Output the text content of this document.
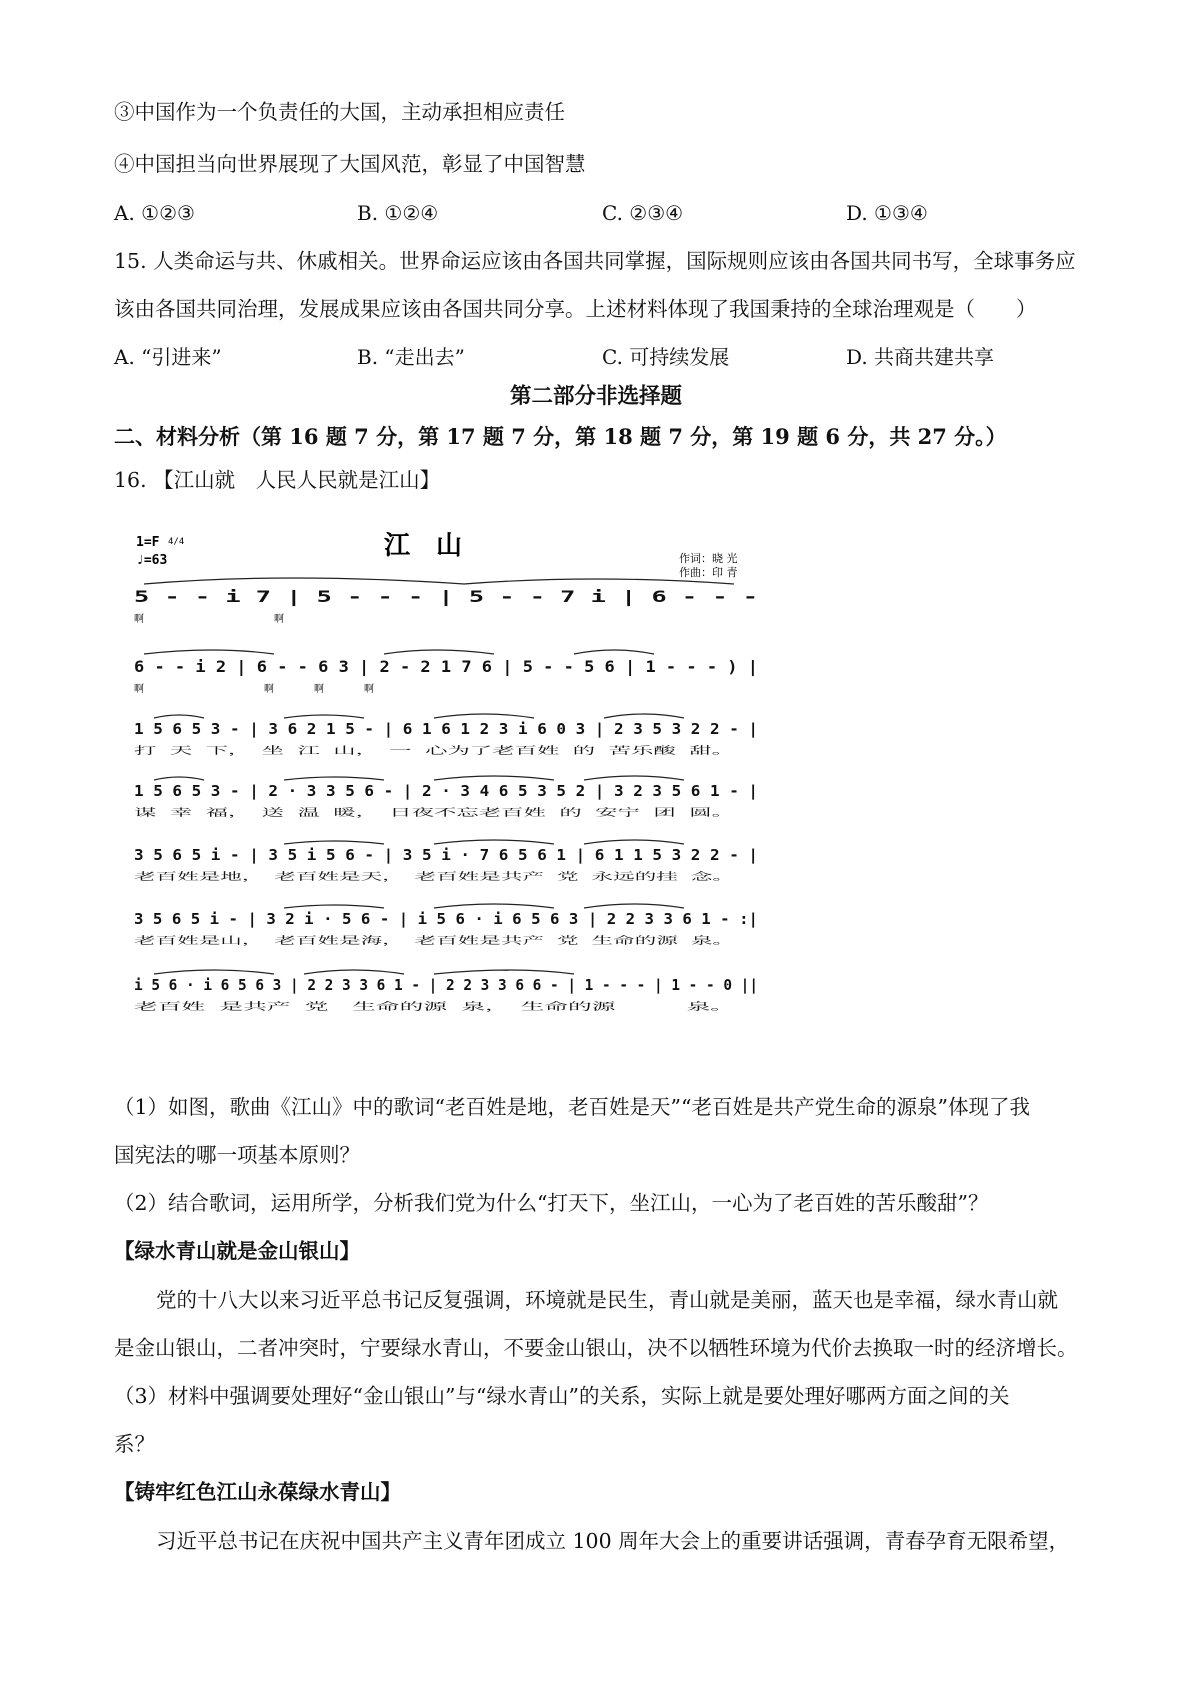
③中国作为一个负责任的大国，主动承担相应责任
④中国担当向世界展现了大国风范，彰显了中国智慧
A. ①②③	B. ①②④	C. ②③④	D. ①③④
15. 人类命运与共、休戚相关。世界命运应该由各国共同掌握，国际规则应该由各国共同书写，全球事务应
该由各国共同治理，发展成果应该由各国共同分享。上述材料体现了我国秉持的全球治理观是（　　）
A. “引进来”	B. “走出去”	C. 可持续发展	D. 共商共建共享
第二部分非选择题
二、材料分析（第 16 题 7 分，第 17 题 7 分，第 18 题 7 分，第 19 题 6 分，共 27 分。）
16. 【江山就　人民人民就是江山】
1=F 4/4
♩=63	江　山	作词：晓 光
作曲：印 青
5 - - i 7 | 5 - - - | 5 - - 7 i | 6 - - -
啊　　　　　　　　　　　　　啊
6 - - i 2 | 6 - - 6 3 | 2 - 2 1 7 6 | 5 - - 5 6 | 1 - - - ) |
啊　　　　　　　　　　　　啊　　　　啊　　　　啊
1 5 6 5 3 - | 3 6 2 1 5 - | 6 1 6 1 2 3 i 6 0 3 | 2 3 5 3 2 2 - |
打 天 下，　坐 江 山，　一 心为了老百姓 的 苦乐酸 甜。
1 5 6 5 3 - | 2 · 3 3 5 6 - | 2 · 3 4 6 5 3 5 2 | 3 2 3 5 6 1 - |
谋 幸 福，　送 温 暖，　日夜不忘老百姓 的 安宁 团 圆。
3 5 6 5 i - | 3 5 i 5 6 - | 3 5 i · 7 6 5 6 1 | 6 1 1 5 3 2 2 - |
老百姓是地，　老百姓是天，　老百姓是共产 党 永远的挂 念。
3 5 6 5 i - | 3 2 i · 5 6 - | i 5 6 · i 6 5 6 3 | 2 2 3 3 6 1 - :|
老百姓是山，　老百姓是海，　老百姓是共产 党 生命的源 泉。
i 5 6 · i 6 5 6 3 | 2 2 3 3 6 1 - | 2 2 3 3 6 6 - | 1 - - - | 1 - - 0 ||
老百姓 是共产 党　生命的源 泉，　生命的源　　　泉。
（1）如图，歌曲《江山》中的歌词“老百姓是地，老百姓是天”“老百姓是共产党生命的源泉”体现了我
国宪法的哪一项基本原则？
（2）结合歌词，运用所学，分析我们党为什么“打天下，坐江山，一心为了老百姓的苦乐酸甜”？
【绿水青山就是金山银山】
党的十八大以来习近平总书记反复强调，环境就是民生，青山就是美丽，蓝天也是幸福，绿水青山就
是金山银山，二者冲突时，宁要绿水青山，不要金山银山，决不以牺牲环境为代价去换取一时的经济增长。
（3）材料中强调要处理好“金山银山”与“绿水青山”的关系，实际上就是要处理好哪两方面之间的关
系？
【铸牢红色江山永葆绿水青山】
习近平总书记在庆祝中国共产主义青年团成立 100 周年大会上的重要讲话强调，青春孕育无限希望，
